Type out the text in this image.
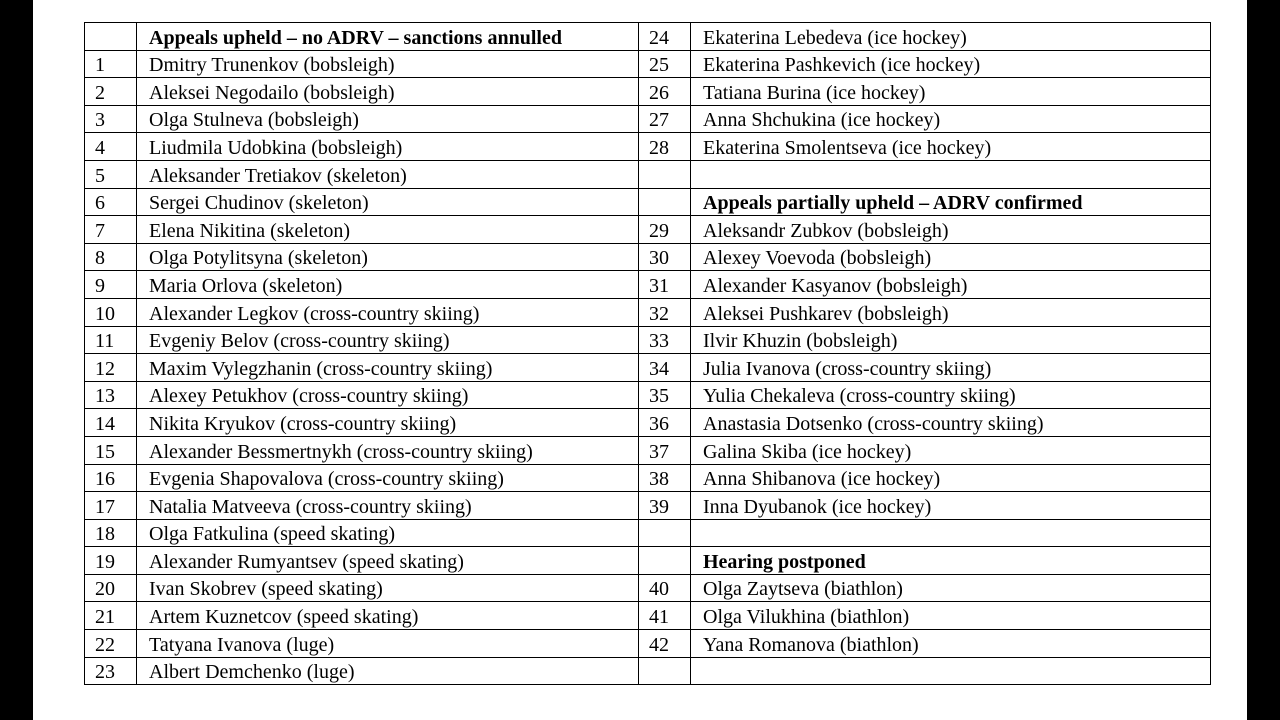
	Appeals upheld – no ADRV – sanctions annulled	24	Ekaterina Lebedeva (ice hockey)
1	Dmitry Trunenkov (bobsleigh)	25	Ekaterina Pashkevich (ice hockey)
2	Aleksei Negodailo (bobsleigh)	26	Tatiana Burina (ice hockey)
3	Olga Stulneva (bobsleigh)	27	Anna Shchukina (ice hockey)
4	Liudmila Udobkina (bobsleigh)	28	Ekaterina Smolentseva (ice hockey)
5	Aleksander Tretiakov (skeleton)		
6	Sergei Chudinov (skeleton)		Appeals partially upheld – ADRV confirmed
7	Elena Nikitina (skeleton)	29	Aleksandr Zubkov (bobsleigh)
8	Olga Potylitsyna (skeleton)	30	Alexey Voevoda (bobsleigh)
9	Maria Orlova (skeleton)	31	Alexander Kasyanov (bobsleigh)
10	Alexander Legkov (cross-country skiing)	32	Aleksei Pushkarev (bobsleigh)
11	Evgeniy Belov (cross-country skiing)	33	Ilvir Khuzin (bobsleigh)
12	Maxim Vylegzhanin (cross-country skiing)	34	Julia Ivanova (cross-country skiing)
13	Alexey Petukhov (cross-country skiing)	35	Yulia Chekaleva (cross-country skiing)
14	Nikita Kryukov (cross-country skiing)	36	Anastasia Dotsenko (cross-country skiing)
15	Alexander Bessmertnykh (cross-country skiing)	37	Galina Skiba (ice hockey)
16	Evgenia Shapovalova (cross-country skiing)	38	Anna Shibanova (ice hockey)
17	Natalia Matveeva (cross-country skiing)	39	Inna Dyubanok (ice hockey)
18	Olga Fatkulina (speed skating)		
19	Alexander Rumyantsev (speed skating)		Hearing postponed
20	Ivan Skobrev (speed skating)	40	Olga Zaytseva (biathlon)
21	Artem Kuznetcov (speed skating)	41	Olga Vilukhina (biathlon)
22	Tatyana Ivanova (luge)	42	Yana Romanova (biathlon)
23	Albert Demchenko (luge)		
